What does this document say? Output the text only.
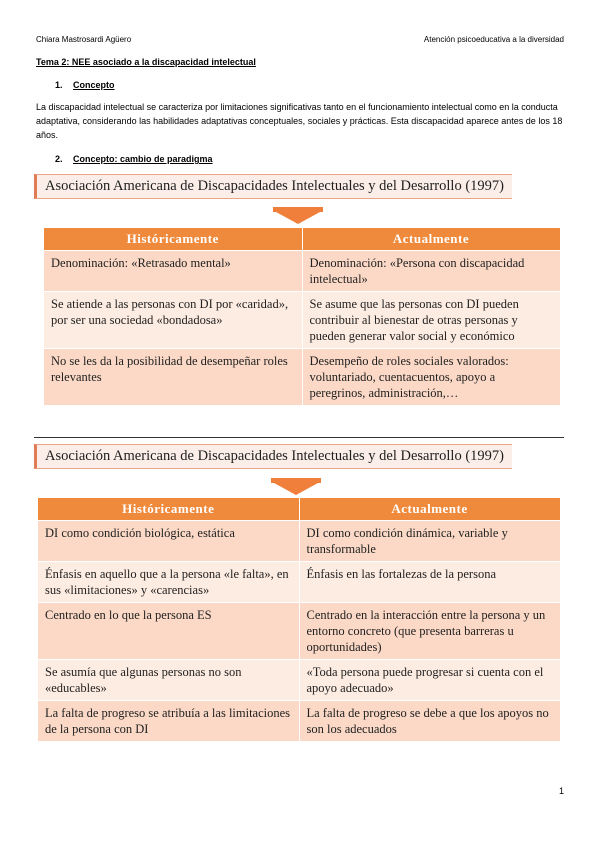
Chiara Mastrosardi Agüero	Atención psicoeducativa a la diversidad
Tema 2: NEE asociado a la discapacidad intelectual
1. Concepto
La discapacidad intelectual se caracteriza por limitaciones significativas tanto en el funcionamiento intelectual como en la conducta adaptativa, considerando las habilidades adaptativas conceptuales, sociales y prácticas. Esta discapacidad aparece antes de los 18 años.
2. Concepto: cambio de paradigma
Asociación Americana de Discapacidades Intelectuales y del Desarrollo (1997)
Históricamente	Actualmente
Denominación: «Retrasado mental»	Denominación: «Persona con discapacidad intelectual»
Se atiende a las personas con DI por «caridad», por ser una sociedad «bondadosa»	Se asume que las personas con DI pueden contribuir al bienestar de otras personas y pueden generar valor social y económico
No se les da la posibilidad de desempeñar roles relevantes	Desempeño de roles sociales valorados: voluntariado, cuentacuentos, apoyo a peregrinos, administración,…
Asociación Americana de Discapacidades Intelectuales y del Desarrollo (1997)
Históricamente	Actualmente
DI como condición biológica, estática	DI como condición dinámica, variable y transformable
Énfasis en aquello que a la persona «le falta», en sus «limitaciones» y «carencias»	Énfasis en las fortalezas de la persona
Centrado en lo que la persona ES	Centrado en la interacción entre la persona y un entorno concreto (que presenta barreras u oportunidades)
Se asumía que algunas personas no son «educables»	«Toda persona puede progresar si cuenta con el apoyo adecuado»
La falta de progreso se atribuía a las limitaciones de la persona con DI	La falta de progreso se debe a que los apoyos no son los adecuados
1
